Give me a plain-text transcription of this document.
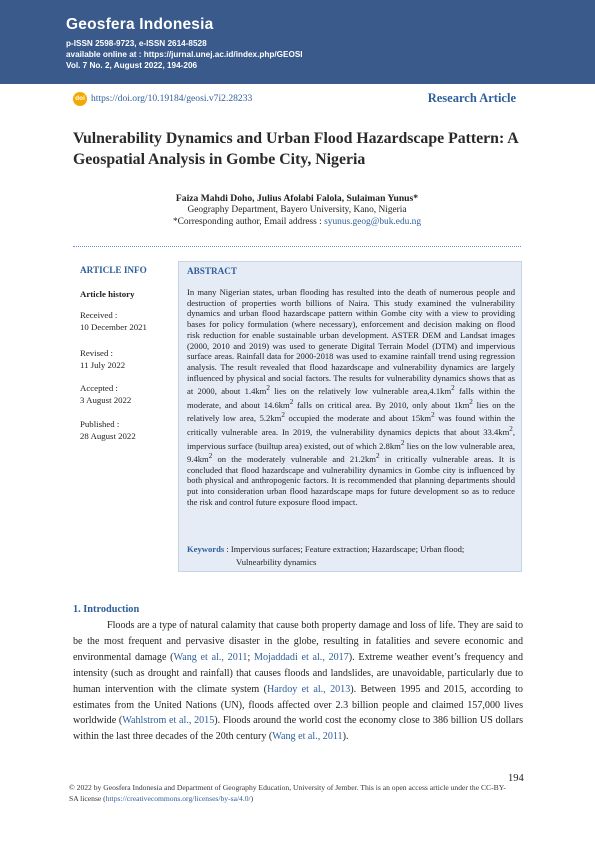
Geosfera Indonesia
p-ISSN 2598-9723, e-ISSN 2614-8528
available online at : https://jurnal.unej.ac.id/index.php/GEOSI
Vol. 7 No. 2, August 2022, 194-206
doi https://doi.org/10.19184/geosi.v7i2.28233	Research Article
Vulnerability Dynamics and Urban Flood Hazardscape Pattern: A Geospatial Analysis in Gombe City, Nigeria
Faiza Mahdi Doho, Julius Afolabi Falola, Sulaiman Yunus*
Geography Department, Bayero University, Kano, Nigeria
*Corresponding author, Email address : syunus.geog@buk.edu.ng
ARTICLE INFO
Article history
Received :
10 December 2021
Revised :
11 July 2022
Accepted :
3 August 2022
Published :
28 August 2022
ABSTRACT
In many Nigerian states, urban flooding has resulted into the death of numerous people and destruction of properties worth billions of Naira. This study examined the vulnerability dynamics and urban flood hazardscape pattern within Gombe city with a view to providing bases for policy formulation (where necessary), enforcement and decision making on flood risk reduction for enable sustainable urban development. ASTER DEM and Landsat images (2000, 2010 and 2019) was used to generate Digital Terrain Model (DTM) and impervious surface areas. Rainfall data for 2000-2018 was used to examine rainfall trend using regression analysis. The result revealed that flood hazardscape and vulnerability dynamics are largely influenced by physical and social factors. The results for vulnerability dynamics shows that as at 2000, about $1.4km^2$ lies on the relatively low vulnerable $area,4.1km^2$ falls within the moderate, and about $14.6km^2$ falls on critical area. By 2010, only about $1km^2$ lies on the relatively low area, $5.2km^2$ occupied the moderate and about $15km^2$ was found within the critically vulnerable area. In 2019, the vulnerability dynamics depicts that about $33.4km^2$, impervious surface (builtup area) existed, out of which $2.8km^2$ lies on the low vulnerable area, $9.4km^2$ on the moderately vulnerable and $21.2km^2$ in critically vulnerable areas. It is concluded that flood hazardscape and vulnerability dynamics in Gombe city is influenced by both physical and anthropogenic factors. It is recommended that planning departments should put into consideration urban flood hazardscape maps for future development so as to reduce the risk and control future exposure flood impact.
Keywords : Impervious surfaces; Feature extraction; Hazardscape; Urban flood;
Vulnearbility dynamics
1. Introduction
Floods are a type of natural calamity that cause both property damage and loss of life. They are said to be the most frequent and pervasive disaster in the globe, resulting in fatalities and severe economic and environmental damage (Wang et al., 2011; Mojaddadi et al., 2017). Extreme weather event’s frequency and intensity (such as drought and rainfall) that causes floods and landslides, are unavoidable, particularly due to human intervention with the climate system (Hardoy et al., 2013). Between 1995 and 2015, according to estimates from the United Nations (UN), floods affected over 2.3 billion people and claimed 157,000 lives worldwide (Wahlstrom et al., 2015). Floods around the world cost the economy close to 386 billion US dollars within the last three decades of the 20th century (Wang et al., 2011).
194
© 2022 by Geosfera Indonesia and Department of Geography Education, University of Jember. This is an open access article under the CC-BY-SA license (https://creativecommons.org/licenses/by-sa/4.0/)
